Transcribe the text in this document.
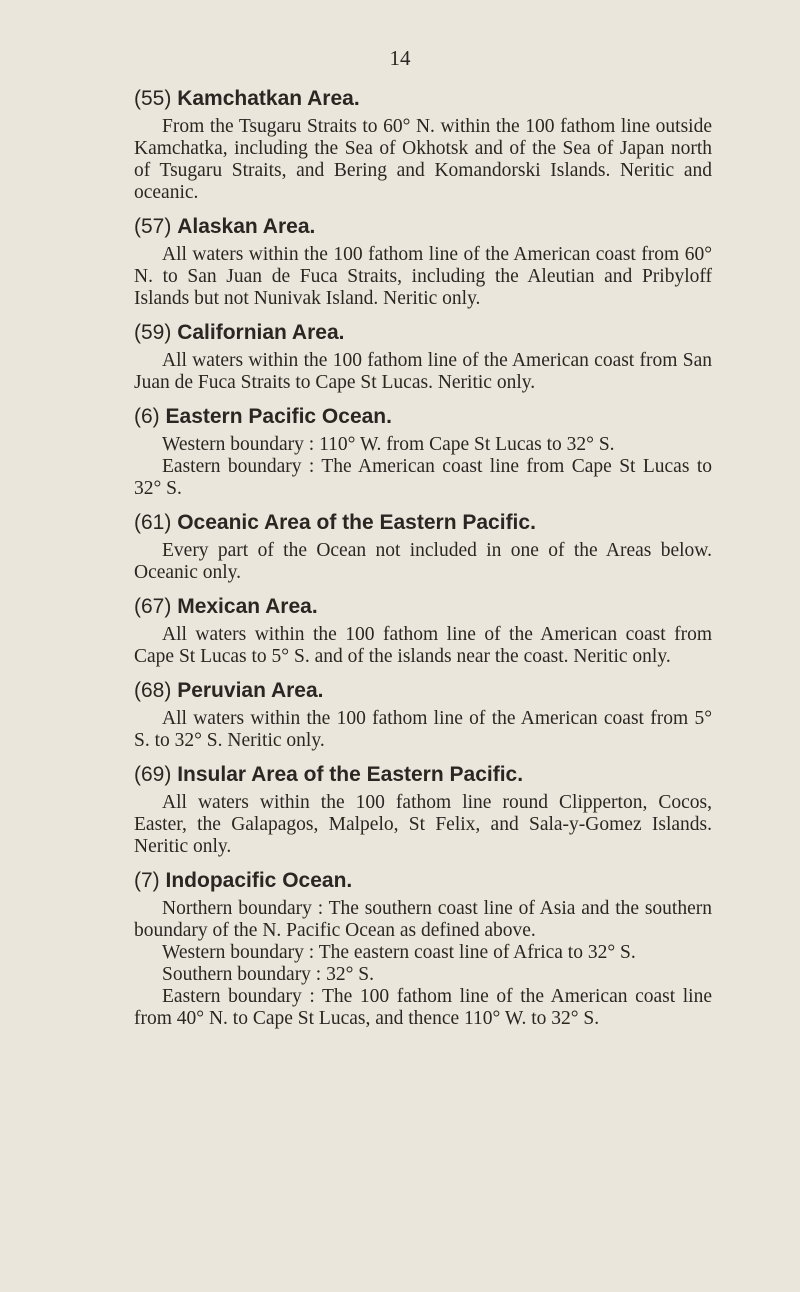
14
(55) Kamchatkan Area.

From the Tsugaru Straits to 60° N. within the 100 fathom line outside Kamchatka, including the Sea of Okhotsk and of the Sea of Japan north of Tsugaru Straits, and Bering and Komandorski Islands. Neritic and oceanic.

(57) Alaskan Area.

All waters within the 100 fathom line of the American coast from 60° N. to San Juan de Fuca Straits, including the Aleutian and Pribyloff Islands but not Nunivak Island. Neritic only.

(59) Californian Area.

All waters within the 100 fathom line of the American coast from San Juan de Fuca Straits to Cape St Lucas. Neritic only.

(6) Eastern Pacific Ocean.

Western boundary : 110° W. from Cape St Lucas to 32° S.

Eastern boundary : The American coast line from Cape St Lucas to 32° S.

(61) Oceanic Area of the Eastern Pacific.

Every part of the Ocean not included in one of the Areas below. Oceanic only.

(67) Mexican Area.

All waters within the 100 fathom line of the American coast from Cape St Lucas to 5° S. and of the islands near the coast. Neritic only.

(68) Peruvian Area.

All waters within the 100 fathom line of the American coast from 5° S. to 32° S. Neritic only.

(69) Insular Area of the Eastern Pacific.

All waters within the 100 fathom line round Clipperton, Cocos, Easter, the Galapagos, Malpelo, St Felix, and Sala-y-Gomez Islands. Neritic only.

(7) Indopacific Ocean.

Northern boundary : The southern coast line of Asia and the southern boundary of the N. Pacific Ocean as defined above.

Western boundary : The eastern coast line of Africa to 32° S.

Southern boundary : 32° S.

Eastern boundary : The 100 fathom line of the American coast line from 40° N. to Cape St Lucas, and thence 110° W. to 32° S.
